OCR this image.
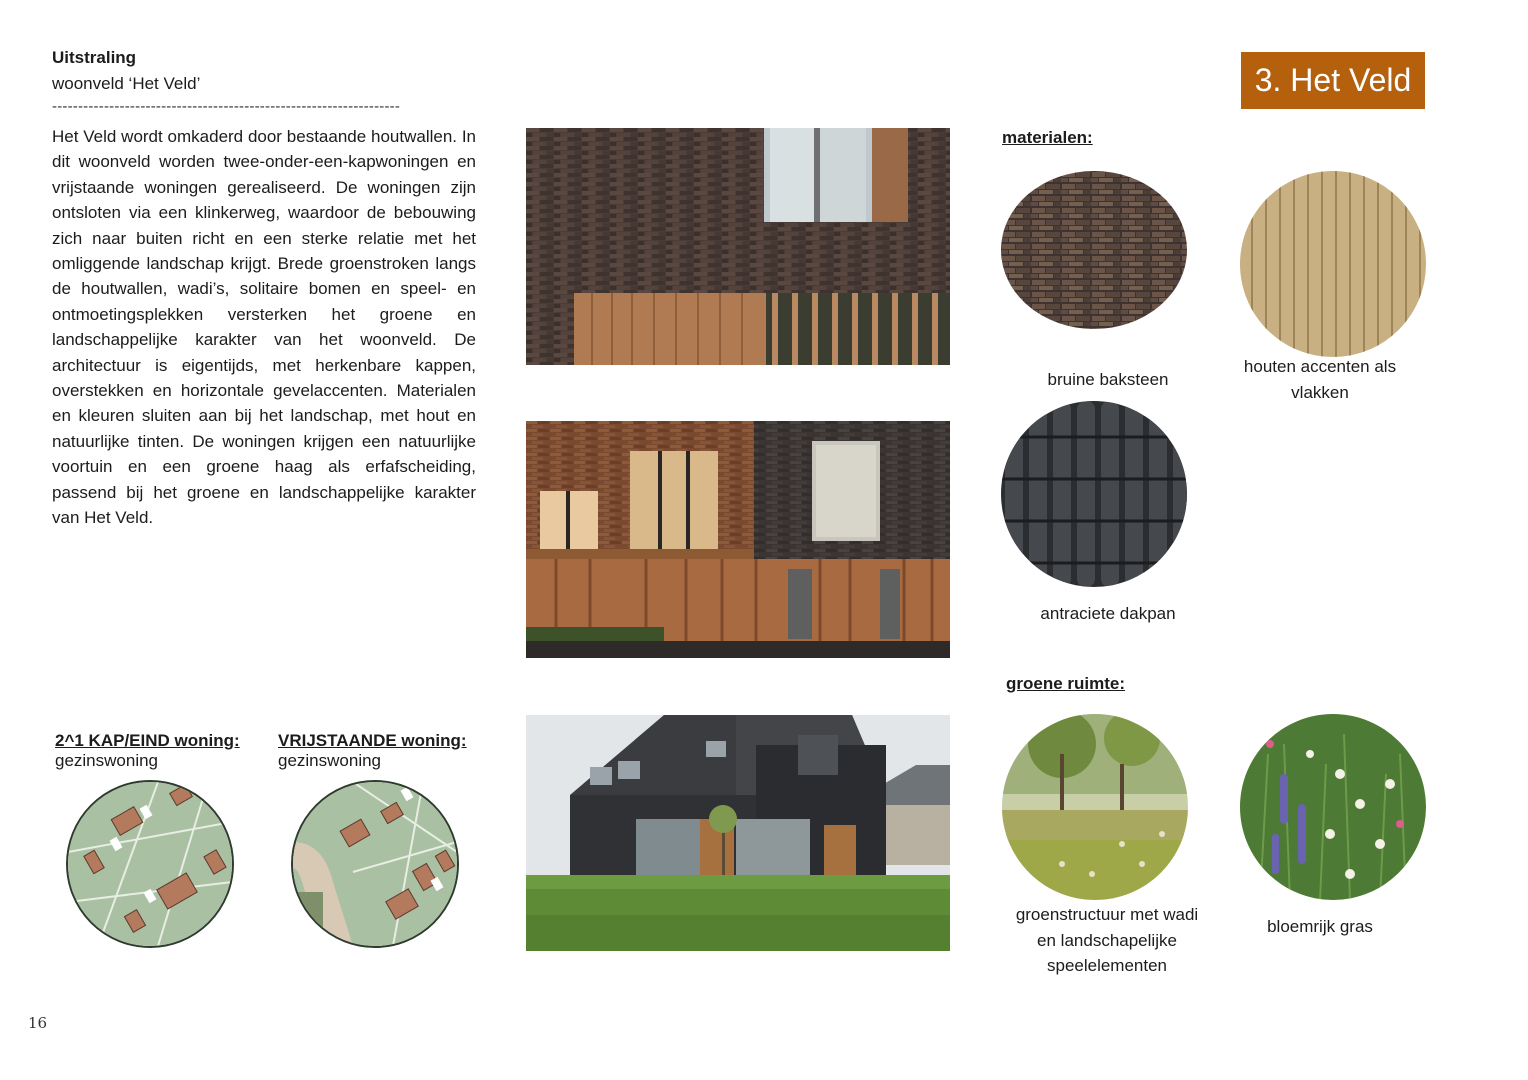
Uitstraling
woonveld ‘Het Veld’
-------------------------------------------------------------------
Het Veld wordt omkaderd door bestaande houtwallen. In dit woonveld worden twee-onder-een-kapwoningen en vrijstaande woningen gerealiseerd. De woningen zijn ontsloten via een klinkerweg, waardoor de bebouwing zich naar buiten richt en een sterke relatie met het omliggende landschap krijgt. Brede groenstroken langs de houtwallen, wadi’s, solitaire bomen en speel- en ontmoetingsplekken versterken het groene en landschappelijke karakter van het woonveld. De architectuur is eigentijds, met herkenbare kappen, overstekken en horizontale gevelaccenten. Materialen en kleuren sluiten aan bij het landschap, met hout en natuurlijke tinten. De woningen krijgen een natuurlijke voortuin en een groene haag als erfafscheiding, passend bij het groene en landschappelijke karakter van Het Veld.
3. Het Veld
materialen:
bruine baksteen
houten accenten als vlakken
antraciete dakpan
groene ruimte:
groenstructuur met wadi en landschapelijke speelelementen
bloemrijk gras
2^1 KAP/EIND woning:
gezinswoning
VRIJSTAANDE woning:
gezinswoning
16
